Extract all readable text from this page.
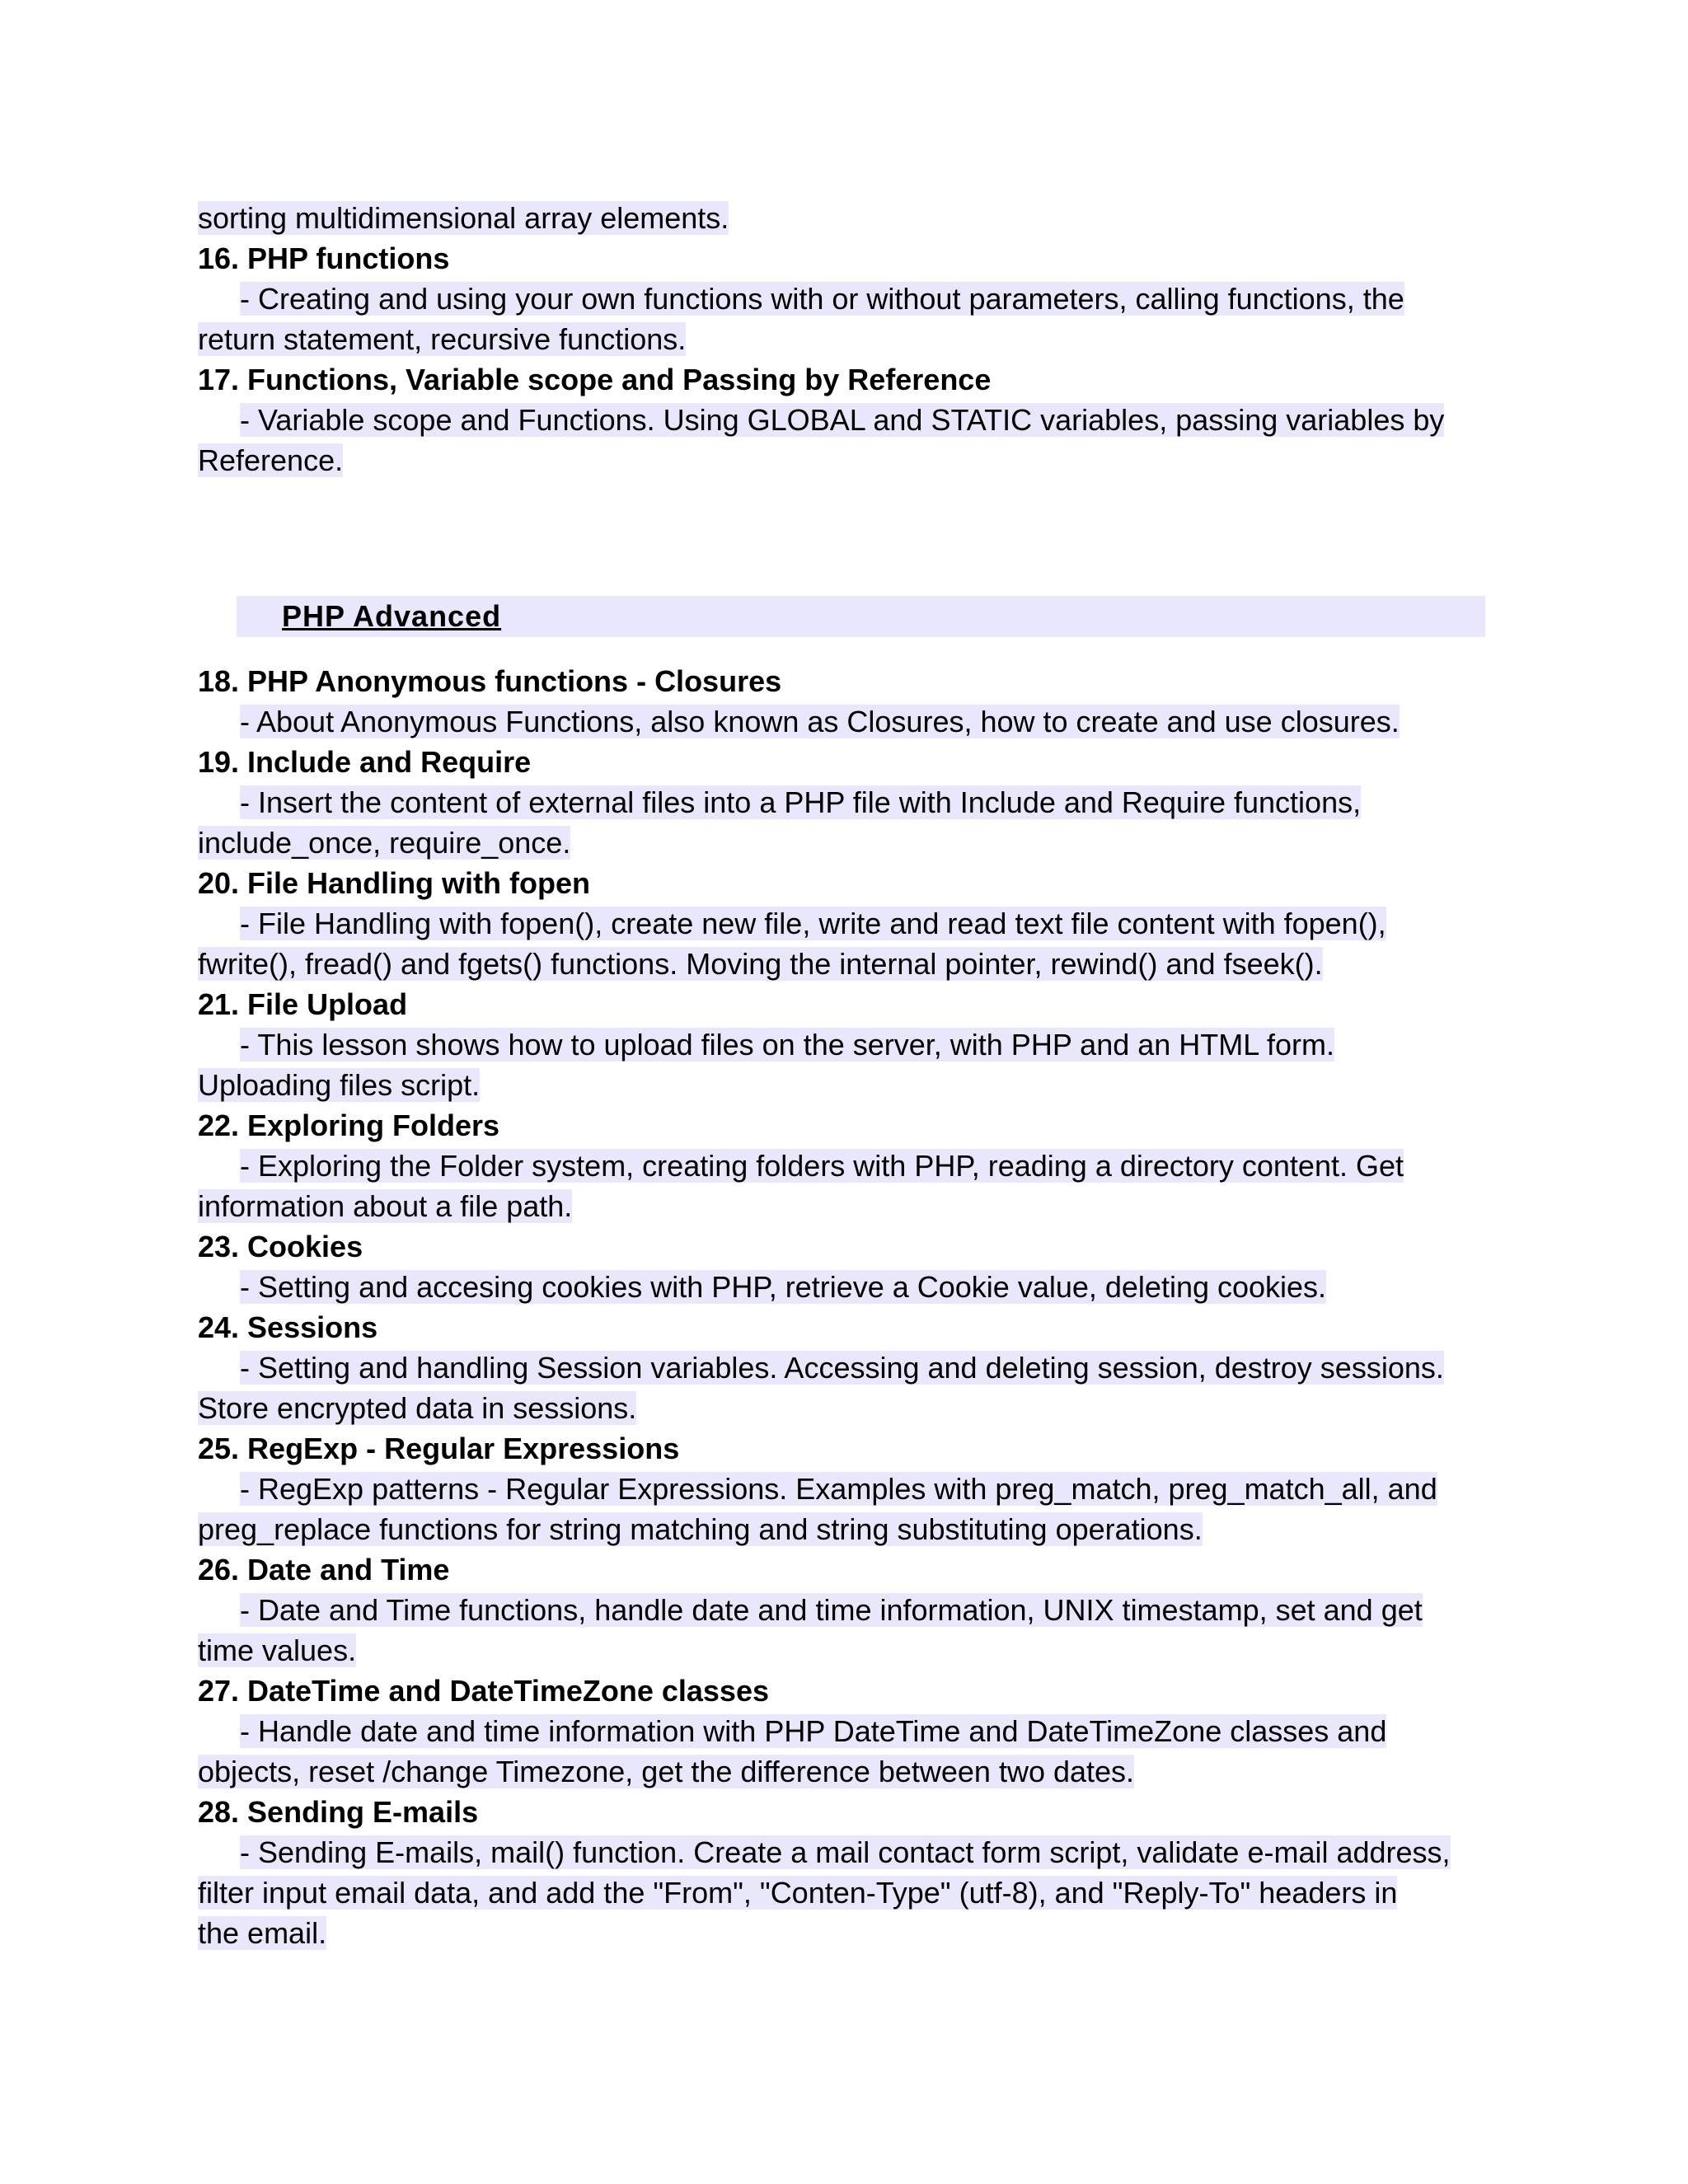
sorting multidimensional array elements.
16. PHP functions
- Creating and using your own functions with or without parameters, calling functions, the
return statement, recursive functions.
17. Functions, Variable scope and Passing by Reference
- Variable scope and Functions. Using GLOBAL and STATIC variables, passing variables by
Reference.
PHP Advanced
18. PHP Anonymous functions - Closures
- About Anonymous Functions, also known as Closures, how to create and use closures.
19. Include and Require
- Insert the content of external files into a PHP file with Include and Require functions,
include_once, require_once.
20. File Handling with fopen
- File Handling with fopen(), create new file, write and read text file content with fopen(),
fwrite(), fread() and fgets() functions. Moving the internal pointer, rewind() and fseek().
21. File Upload
- This lesson shows how to upload files on the server, with PHP and an HTML form.
Uploading files script.
22. Exploring Folders
- Exploring the Folder system, creating folders with PHP, reading a directory content. Get
information about a file path.
23. Cookies
- Setting and accesing cookies with PHP, retrieve a Cookie value, deleting cookies.
24. Sessions
- Setting and handling Session variables. Accessing and deleting session, destroy sessions.
Store encrypted data in sessions.
25. RegExp - Regular Expressions
- RegExp patterns - Regular Expressions. Examples with preg_match, preg_match_all, and
preg_replace functions for string matching and string substituting operations.
26. Date and Time
- Date and Time functions, handle date and time information, UNIX timestamp, set and get
time values.
27. DateTime and DateTimeZone classes
- Handle date and time information with PHP DateTime and DateTimeZone classes and
objects, reset /change Timezone, get the difference between two dates.
28. Sending E-mails
- Sending E-mails, mail() function. Create a mail contact form script, validate e-mail address,
filter input email data, and add the "From", "Conten-Type" (utf-8), and "Reply-To" headers in
the email.
